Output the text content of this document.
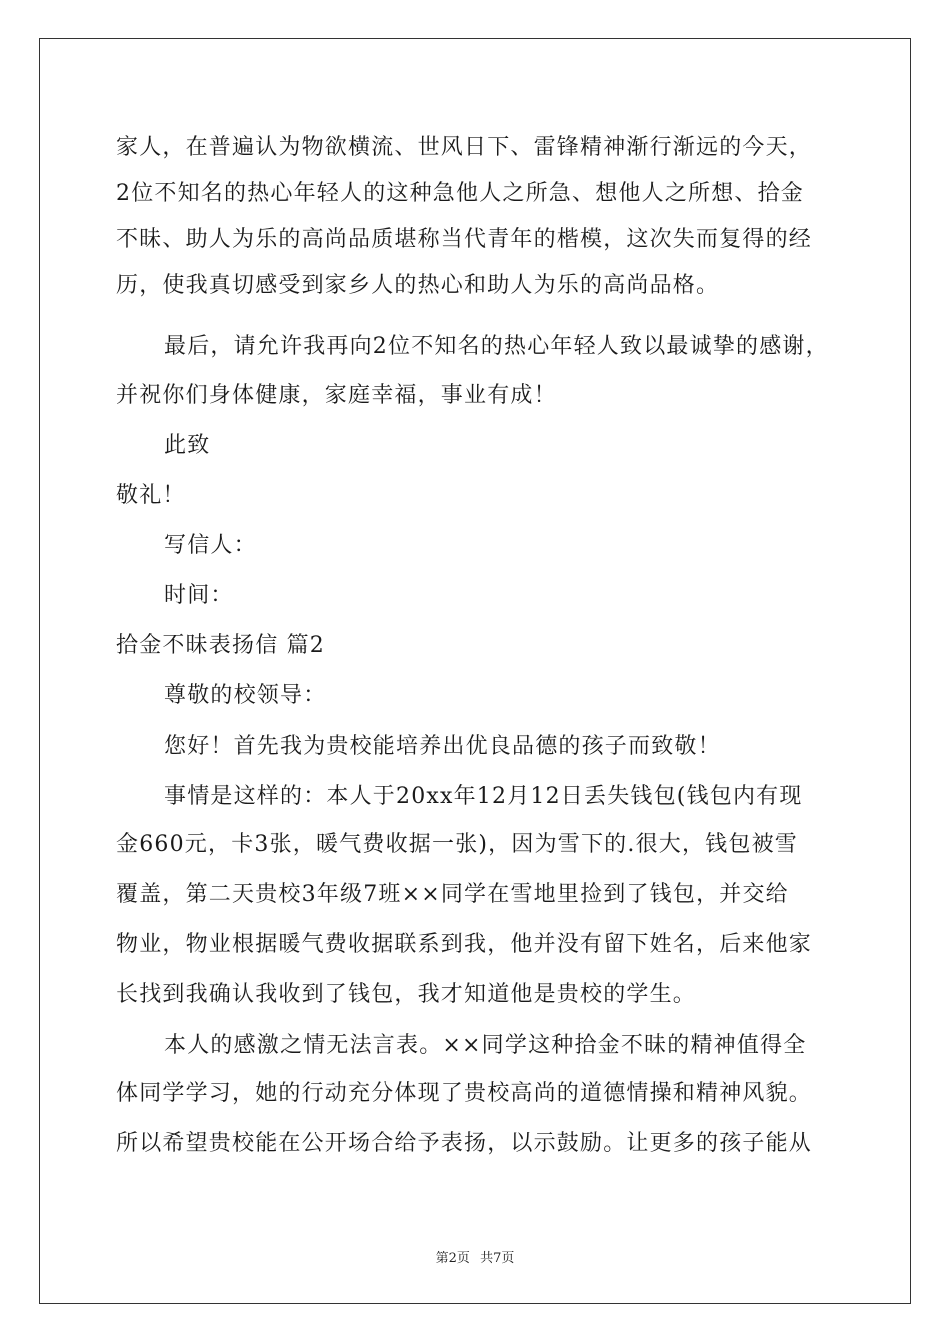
家人，在普遍认为物欲横流、世风日下、雷锋精神渐行渐远的今天，
2位不知名的热心年轻人的这种急他人之所急、想他人之所想、拾金
不昧、助人为乐的高尚品质堪称当代青年的楷模，这次失而复得的经
历，使我真切感受到家乡人的热心和助人为乐的高尚品格。
最后，请允许我再向2位不知名的热心年轻人致以最诚挚的感谢，
并祝你们身体健康，家庭幸福，事业有成！
此致
敬礼！
写信人：
时间：
拾金不昧表扬信 篇2
尊敬的校领导：
您好！首先我为贵校能培养出优良品德的孩子而致敬！
事情是这样的：本人于20xx年12月12日丢失钱包(钱包内有现
金660元，卡3张，暖气费收据一张)，因为雪下的.很大，钱包被雪
覆盖，第二天贵校3年级7班××同学在雪地里捡到了钱包，并交给
物业，物业根据暖气费收据联系到我，他并没有留下姓名，后来他家
长找到我确认我收到了钱包，我才知道他是贵校的学生。
本人的感激之情无法言表。××同学这种拾金不昧的精神值得全
体同学学习，她的行动充分体现了贵校高尚的道德情操和精神风貌。
所以希望贵校能在公开场合给予表扬，以示鼓励。让更多的孩子能从
第2页 共7页
